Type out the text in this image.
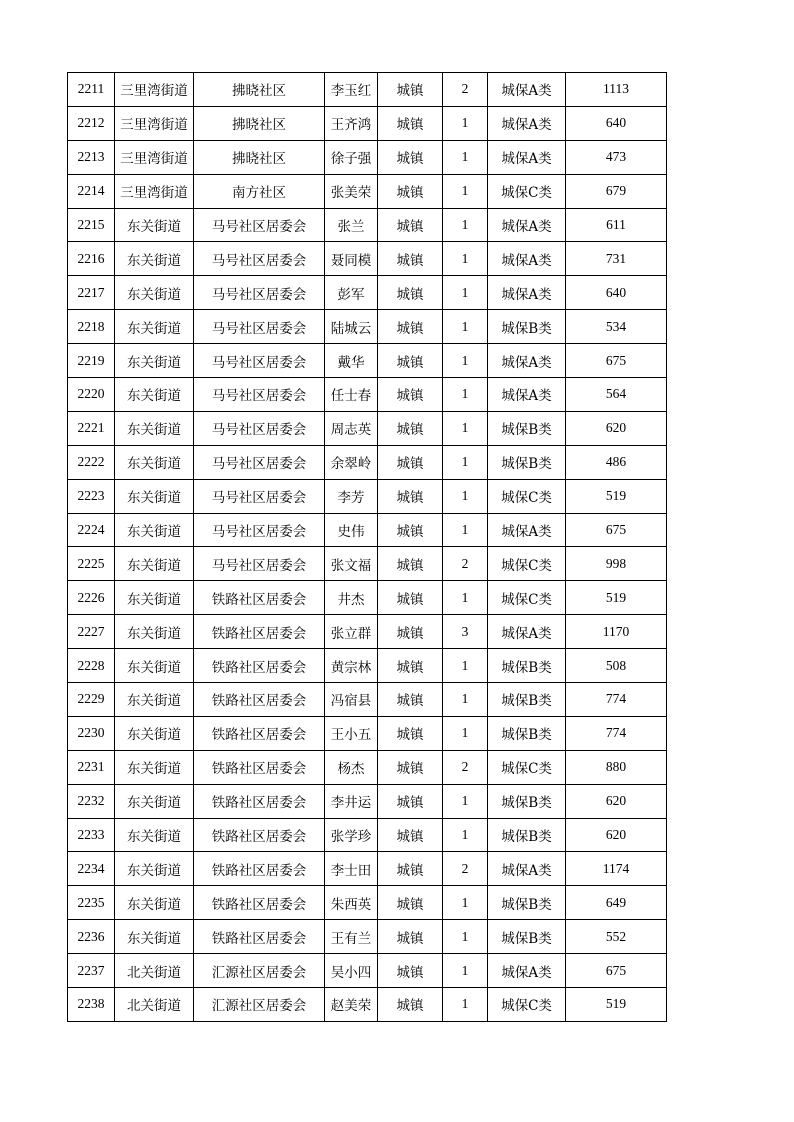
2211	三里湾街道	拂晓社区	李玉红	城镇	2	城保A类	1113
2212	三里湾街道	拂晓社区	王齐鸿	城镇	1	城保A类	640
2213	三里湾街道	拂晓社区	徐子强	城镇	1	城保A类	473
2214	三里湾街道	南方社区	张美荣	城镇	1	城保C类	679
2215	东关街道	马号社区居委会	张兰	城镇	1	城保A类	611
2216	东关街道	马号社区居委会	聂同模	城镇	1	城保A类	731
2217	东关街道	马号社区居委会	彭军	城镇	1	城保A类	640
2218	东关街道	马号社区居委会	陆城云	城镇	1	城保B类	534
2219	东关街道	马号社区居委会	戴华	城镇	1	城保A类	675
2220	东关街道	马号社区居委会	任士春	城镇	1	城保A类	564
2221	东关街道	马号社区居委会	周志英	城镇	1	城保B类	620
2222	东关街道	马号社区居委会	余翠岭	城镇	1	城保B类	486
2223	东关街道	马号社区居委会	李芳	城镇	1	城保C类	519
2224	东关街道	马号社区居委会	史伟	城镇	1	城保A类	675
2225	东关街道	马号社区居委会	张文福	城镇	2	城保C类	998
2226	东关街道	铁路社区居委会	井杰	城镇	1	城保C类	519
2227	东关街道	铁路社区居委会	张立群	城镇	3	城保A类	1170
2228	东关街道	铁路社区居委会	黄宗林	城镇	1	城保B类	508
2229	东关街道	铁路社区居委会	冯宿县	城镇	1	城保B类	774
2230	东关街道	铁路社区居委会	王小五	城镇	1	城保B类	774
2231	东关街道	铁路社区居委会	杨杰	城镇	2	城保C类	880
2232	东关街道	铁路社区居委会	李井运	城镇	1	城保B类	620
2233	东关街道	铁路社区居委会	张学珍	城镇	1	城保B类	620
2234	东关街道	铁路社区居委会	李士田	城镇	2	城保A类	1174
2235	东关街道	铁路社区居委会	朱西英	城镇	1	城保B类	649
2236	东关街道	铁路社区居委会	王有兰	城镇	1	城保B类	552
2237	北关街道	汇源社区居委会	吴小四	城镇	1	城保A类	675
2238	北关街道	汇源社区居委会	赵美荣	城镇	1	城保C类	519
